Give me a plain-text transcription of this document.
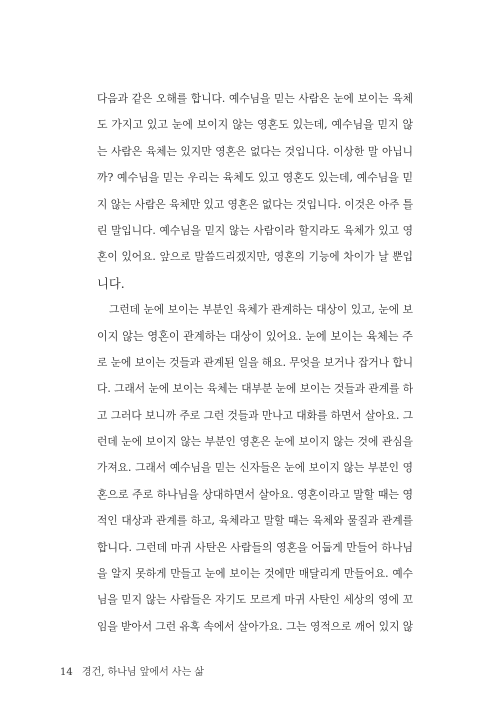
다음과 같은 오해를 합니다. 예수님을 믿는 사람은 눈에 보이는 육체
도 가지고 있고 눈에 보이지 않는 영혼도 있는데, 예수님을 믿지 않
는 사람은 육체는 있지만 영혼은 없다는 것입니다. 이상한 말 아닙니
까? 예수님을 믿는 우리는 육체도 있고 영혼도 있는데, 예수님을 믿
지 않는 사람은 육체만 있고 영혼은 없다는 것입니다. 이것은 아주 틀
린 말입니다. 예수님을 믿지 않는 사람이라 할지라도 육체가 있고 영
혼이 있어요. 앞으로 말씀드리겠지만, 영혼의 기능에 차이가 날 뿐입
니다.
그런데 눈에 보이는 부분인 육체가 관계하는 대상이 있고, 눈에 보
이지 않는 영혼이 관계하는 대상이 있어요. 눈에 보이는 육체는 주
로 눈에 보이는 것들과 관계된 일을 해요. 무엇을 보거나 잡거나 합니
다. 그래서 눈에 보이는 육체는 대부분 눈에 보이는 것들과 관계를 하
고 그러다 보니까 주로 그런 것들과 만나고 대화를 하면서 살아요. 그
런데 눈에 보이지 않는 부분인 영혼은 눈에 보이지 않는 것에 관심을
가져요. 그래서 예수님을 믿는 신자들은 눈에 보이지 않는 부분인 영
혼으로 주로 하나님을 상대하면서 살아요. 영혼이라고 말할 때는 영
적인 대상과 관계를 하고, 육체라고 말할 때는 육체와 물질과 관계를
합니다. 그런데 마귀 사탄은 사람들의 영혼을 어둡게 만들어 하나님
을 알지 못하게 만들고 눈에 보이는 것에만 매달리게 만들어요. 예수
님을 믿지 않는 사람들은 자기도 모르게 마귀 사탄인 세상의 영에 꼬
임을 받아서 그런 유혹 속에서 살아가요. 그는 영적으로 깨어 있지 않
14 경건, 하나님 앞에서 사는 삶
